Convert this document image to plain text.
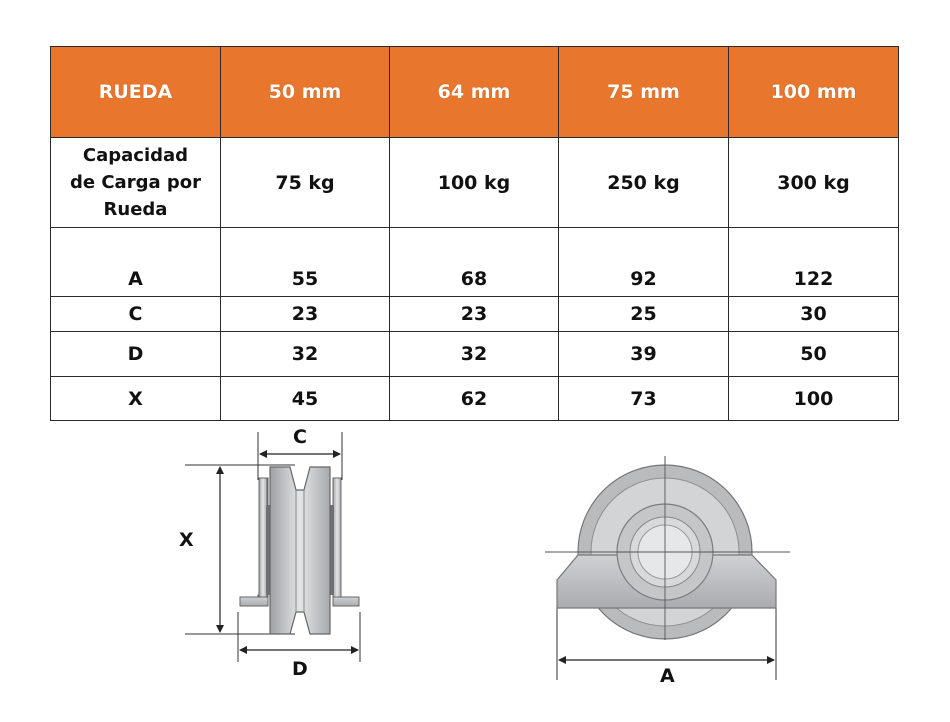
RUEDA	50 mm	64 mm	75 mm	100 mm

Capacidad
de Carga por
Rueda	75 kg	100 kg	250 kg	300 kg
A	55	68	92	122
C	23	23	25	30
D	32	32	39	50
X	45	62	73	100
C
X
D	A
